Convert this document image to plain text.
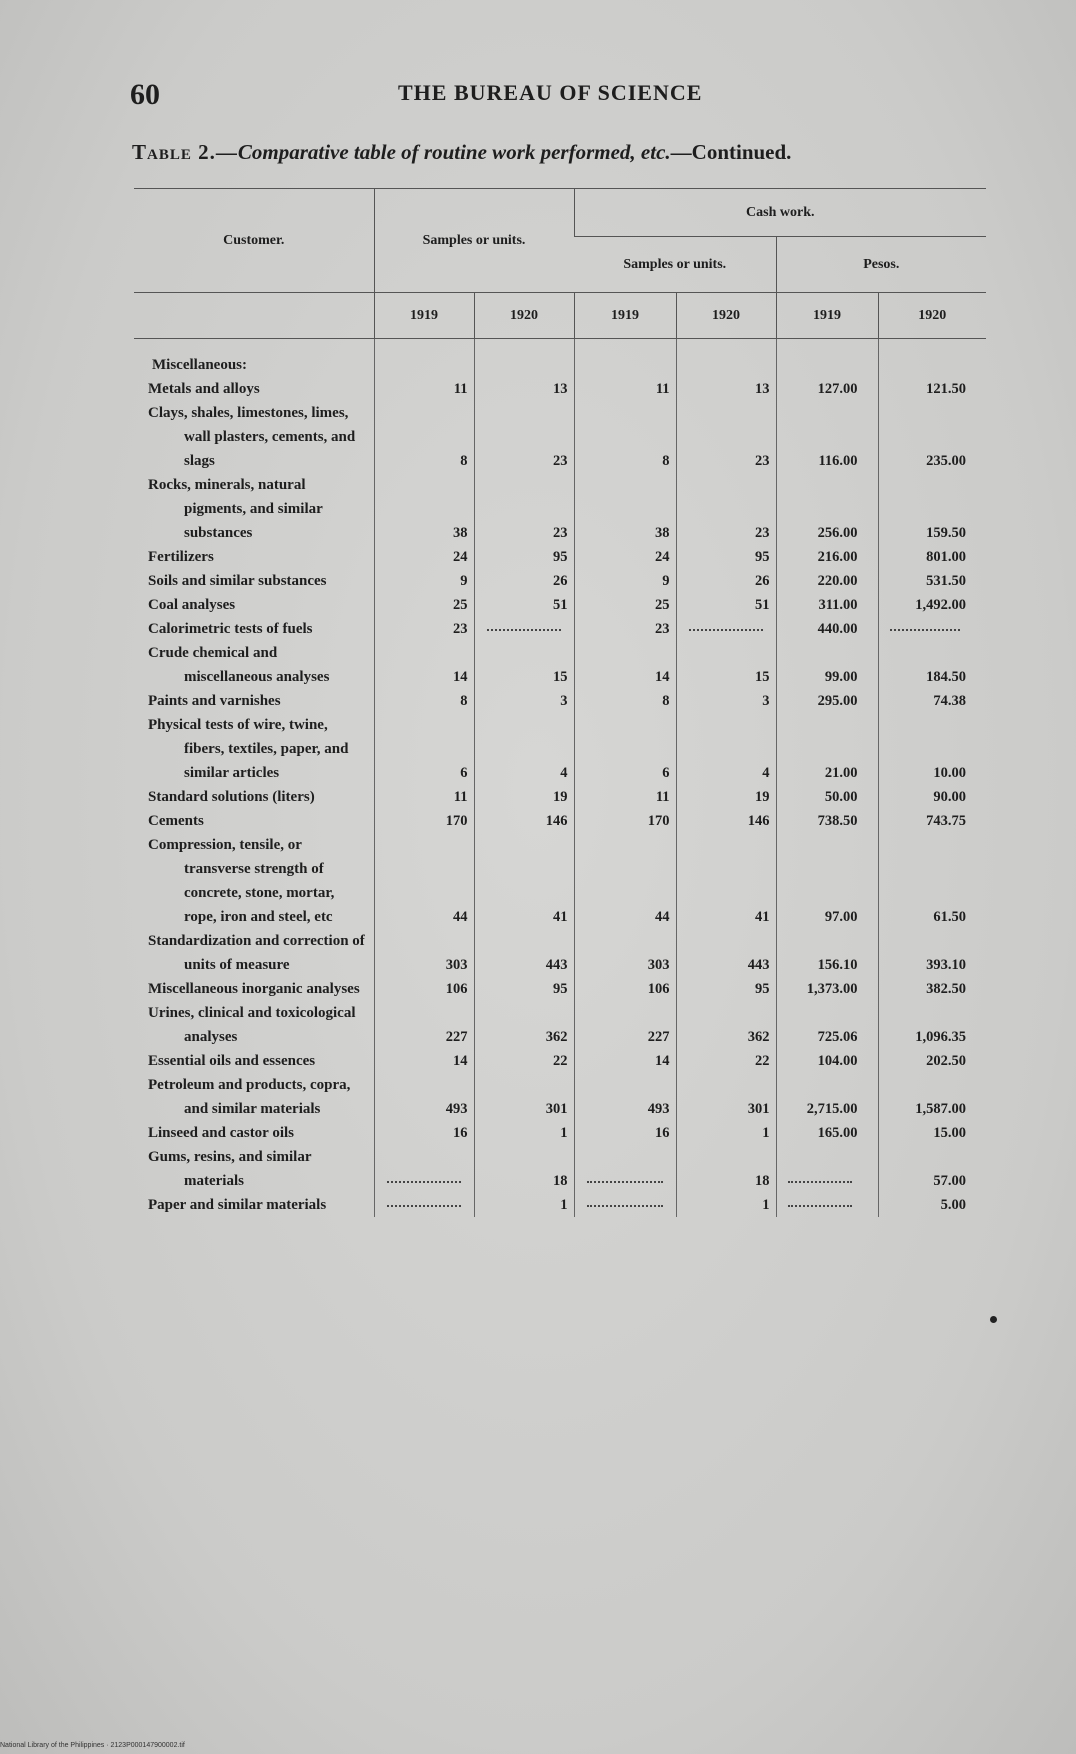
60	THE BUREAU OF SCIENCE
Table 2.—Comparative table of routine work performed, etc.—Continued.
Customer.	Samples or units.		Cash work.			
			Samples or units.		Pesos.	
	1919	1920	1919	1920	1919	1920
Miscellaneous:						

Metals and alloys	11	13	11	13	127.00	121.50

Clays, shales, limestones, limes, wall plasters, cements, and slags	8	23	8	23	116.00	235.00

Rocks, minerals, natural pigments, and similar substances	38	23	38	23	256.00	159.50

Fertilizers	24	95	24	95	216.00	801.00

Soils and similar substances	9	26	9	26	220.00	531.50

Coal analyses	25	51	25	51	311.00	1,492.00

Calorimetric tests of fuels	23		23		440.00	

Crude chemical and miscellaneous analyses	14	15	14	15	99.00	184.50

Paints and varnishes	8	3	8	3	295.00	74.38

Physical tests of wire, twine, fibers, textiles, paper, and similar articles	6	4	6	4	21.00	10.00

Standard solutions (liters)	11	19	11	19	50.00	90.00

Cements	170	146	170	146	738.50	743.75

Compression, tensile, or transverse strength of concrete, stone, mortar, rope, iron and steel, etc	44	41	44	41	97.00	61.50

Standardization and correction of units of measure	303	443	303	443	156.10	393.10

Miscellaneous inorganic analyses	106	95	106	95	1,373.00	382.50

Urines, clinical and toxicological analyses	227	362	227	362	725.06	1,096.35

Essential oils and essences	14	22	14	22	104.00	202.50

Petroleum and products, copra, and similar materials	493	301	493	301	2,715.00	1,587.00

Linseed and castor oils	16	1	16	1	165.00	15.00

Gums, resins, and similar materials		18		18		57.00

Paper and similar materials		1		1		5.00
National Library of the Philippines · 2123P000147900002.tif
